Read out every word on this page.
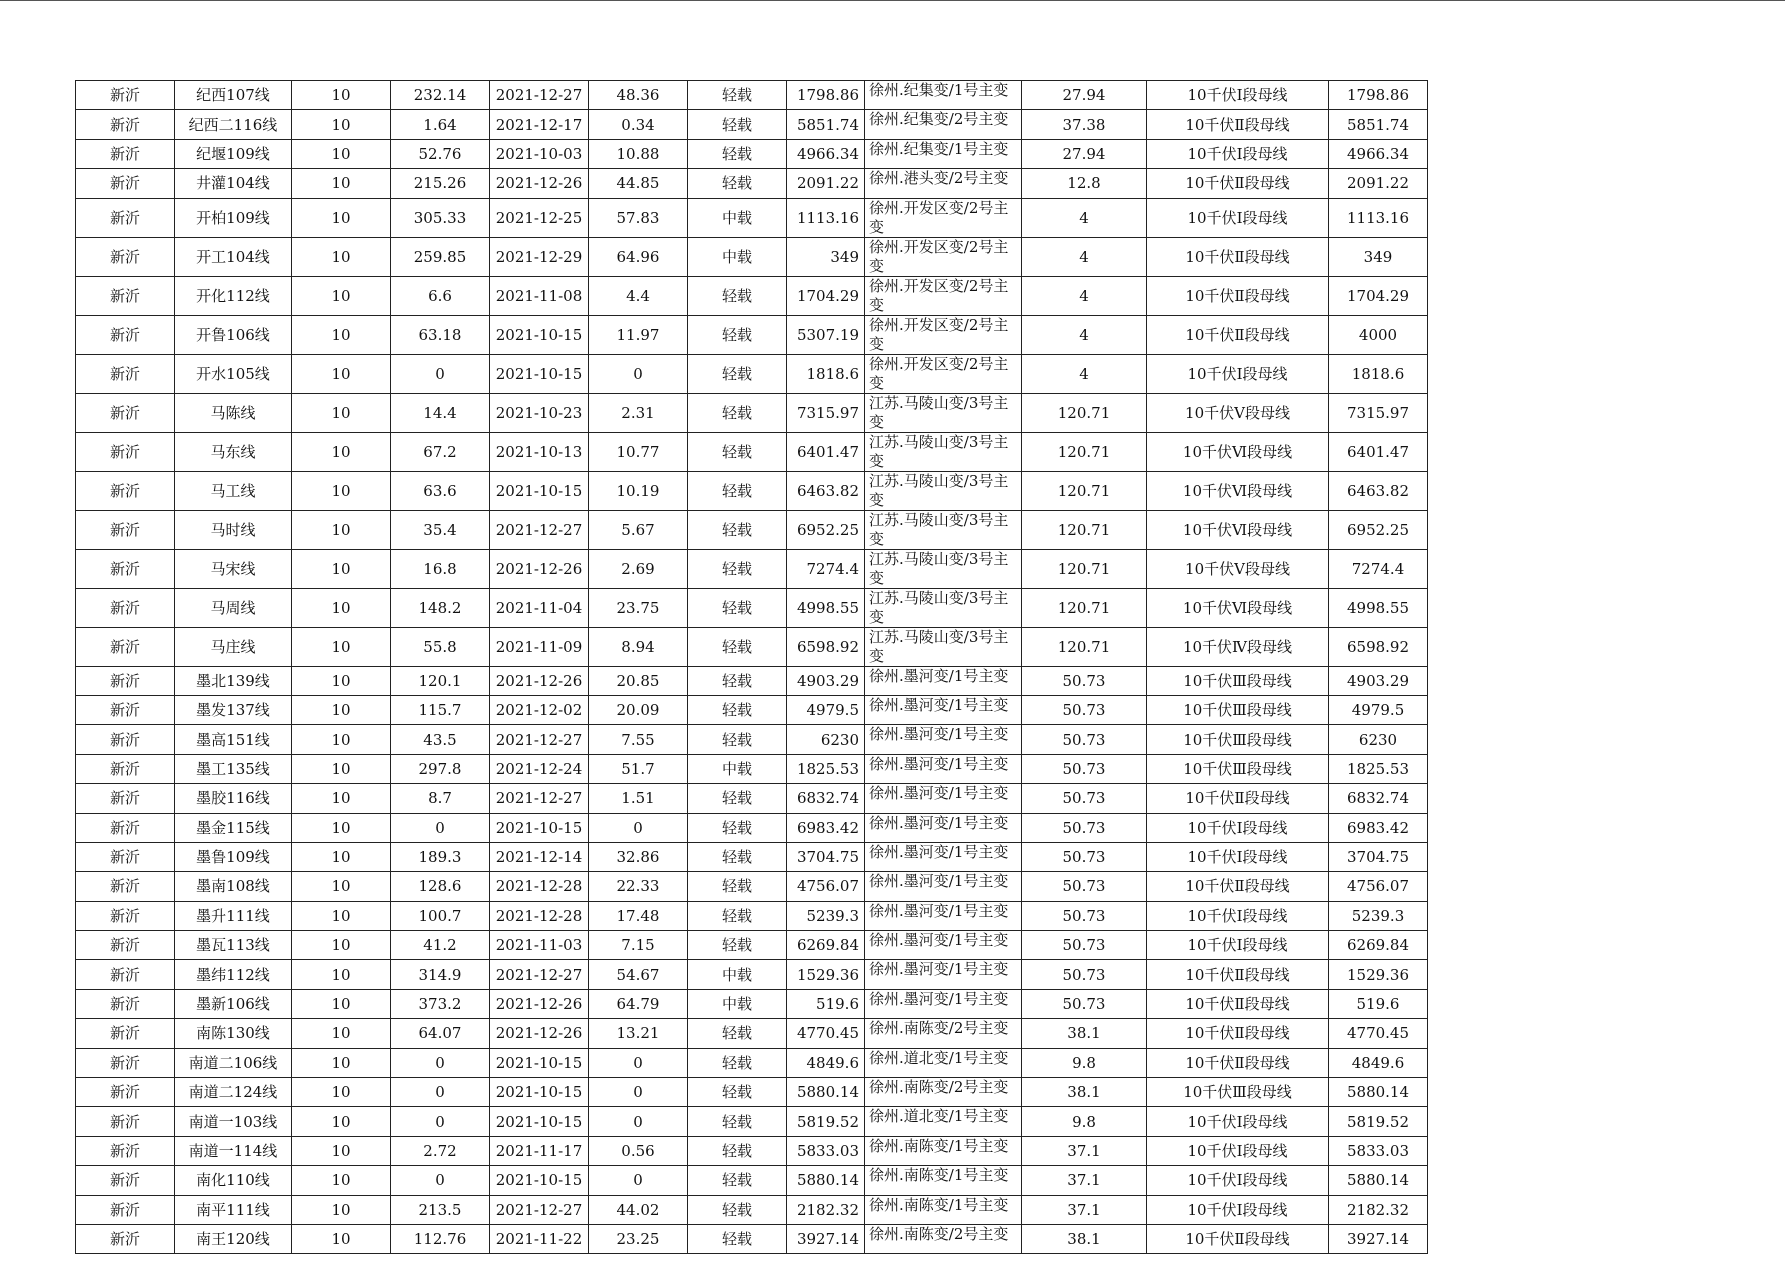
新沂	纪西107线	10	232.14	2021-12-27	48.36	轻载	1798.86	徐州.纪集变/1号主变	27.94	10千伏Ⅰ段母线	1798.86
新沂	纪西二116线	10	1.64	2021-12-17	0.34	轻载	5851.74	徐州.纪集变/2号主变	37.38	10千伏Ⅱ段母线	5851.74
新沂	纪堰109线	10	52.76	2021-10-03	10.88	轻载	4966.34	徐州.纪集变/1号主变	27.94	10千伏Ⅰ段母线	4966.34
新沂	井灌104线	10	215.26	2021-12-26	44.85	轻载	2091.22	徐州.港头变/2号主变	12.8	10千伏Ⅱ段母线	2091.22
新沂	开柏109线	10	305.33	2021-12-25	57.83	中载	1113.16	徐州.开发区变/2号主变	4	10千伏Ⅰ段母线	1113.16
新沂	开工104线	10	259.85	2021-12-29	64.96	中载	349	徐州.开发区变/2号主变	4	10千伏Ⅱ段母线	349
新沂	开化112线	10	6.6	2021-11-08	4.4	轻载	1704.29	徐州.开发区变/2号主变	4	10千伏Ⅱ段母线	1704.29
新沂	开鲁106线	10	63.18	2021-10-15	11.97	轻载	5307.19	徐州.开发区变/2号主变	4	10千伏Ⅱ段母线	4000
新沂	开水105线	10	0	2021-10-15	0	轻载	1818.6	徐州.开发区变/2号主变	4	10千伏Ⅰ段母线	1818.6
新沂	马陈线	10	14.4	2021-10-23	2.31	轻载	7315.97	江苏.马陵山变/3号主变	120.71	10千伏Ⅴ段母线	7315.97
新沂	马东线	10	67.2	2021-10-13	10.77	轻载	6401.47	江苏.马陵山变/3号主变	120.71	10千伏Ⅵ段母线	6401.47
新沂	马工线	10	63.6	2021-10-15	10.19	轻载	6463.82	江苏.马陵山变/3号主变	120.71	10千伏Ⅵ段母线	6463.82
新沂	马时线	10	35.4	2021-12-27	5.67	轻载	6952.25	江苏.马陵山变/3号主变	120.71	10千伏Ⅵ段母线	6952.25
新沂	马宋线	10	16.8	2021-12-26	2.69	轻载	7274.4	江苏.马陵山变/3号主变	120.71	10千伏Ⅴ段母线	7274.4
新沂	马周线	10	148.2	2021-11-04	23.75	轻载	4998.55	江苏.马陵山变/3号主变	120.71	10千伏Ⅵ段母线	4998.55
新沂	马庄线	10	55.8	2021-11-09	8.94	轻载	6598.92	江苏.马陵山变/3号主变	120.71	10千伏Ⅳ段母线	6598.92
新沂	墨北139线	10	120.1	2021-12-26	20.85	轻载	4903.29	徐州.墨河变/1号主变	50.73	10千伏Ⅲ段母线	4903.29
新沂	墨发137线	10	115.7	2021-12-02	20.09	轻载	4979.5	徐州.墨河变/1号主变	50.73	10千伏Ⅲ段母线	4979.5
新沂	墨高151线	10	43.5	2021-12-27	7.55	轻载	6230	徐州.墨河变/1号主变	50.73	10千伏Ⅲ段母线	6230
新沂	墨工135线	10	297.8	2021-12-24	51.7	中载	1825.53	徐州.墨河变/1号主变	50.73	10千伏Ⅲ段母线	1825.53
新沂	墨胶116线	10	8.7	2021-12-27	1.51	轻载	6832.74	徐州.墨河变/1号主变	50.73	10千伏Ⅱ段母线	6832.74
新沂	墨金115线	10	0	2021-10-15	0	轻载	6983.42	徐州.墨河变/1号主变	50.73	10千伏Ⅰ段母线	6983.42
新沂	墨鲁109线	10	189.3	2021-12-14	32.86	轻载	3704.75	徐州.墨河变/1号主变	50.73	10千伏Ⅰ段母线	3704.75
新沂	墨南108线	10	128.6	2021-12-28	22.33	轻载	4756.07	徐州.墨河变/1号主变	50.73	10千伏Ⅱ段母线	4756.07
新沂	墨升111线	10	100.7	2021-12-28	17.48	轻载	5239.3	徐州.墨河变/1号主变	50.73	10千伏Ⅰ段母线	5239.3
新沂	墨瓦113线	10	41.2	2021-11-03	7.15	轻载	6269.84	徐州.墨河变/1号主变	50.73	10千伏Ⅰ段母线	6269.84
新沂	墨纬112线	10	314.9	2021-12-27	54.67	中载	1529.36	徐州.墨河变/1号主变	50.73	10千伏Ⅱ段母线	1529.36
新沂	墨新106线	10	373.2	2021-12-26	64.79	中载	519.6	徐州.墨河变/1号主变	50.73	10千伏Ⅱ段母线	519.6
新沂	南陈130线	10	64.07	2021-12-26	13.21	轻载	4770.45	徐州.南陈变/2号主变	38.1	10千伏Ⅱ段母线	4770.45
新沂	南道二106线	10	0	2021-10-15	0	轻载	4849.6	徐州.道北变/1号主变	9.8	10千伏Ⅱ段母线	4849.6
新沂	南道二124线	10	0	2021-10-15	0	轻载	5880.14	徐州.南陈变/2号主变	38.1	10千伏Ⅲ段母线	5880.14
新沂	南道一103线	10	0	2021-10-15	0	轻载	5819.52	徐州.道北变/1号主变	9.8	10千伏Ⅰ段母线	5819.52
新沂	南道一114线	10	2.72	2021-11-17	0.56	轻载	5833.03	徐州.南陈变/1号主变	37.1	10千伏Ⅰ段母线	5833.03
新沂	南化110线	10	0	2021-10-15	0	轻载	5880.14	徐州.南陈变/1号主变	37.1	10千伏Ⅰ段母线	5880.14
新沂	南平111线	10	213.5	2021-12-27	44.02	轻载	2182.32	徐州.南陈变/1号主变	37.1	10千伏Ⅰ段母线	2182.32
新沂	南王120线	10	112.76	2021-11-22	23.25	轻载	3927.14	徐州.南陈变/2号主变	38.1	10千伏Ⅱ段母线	3927.14
